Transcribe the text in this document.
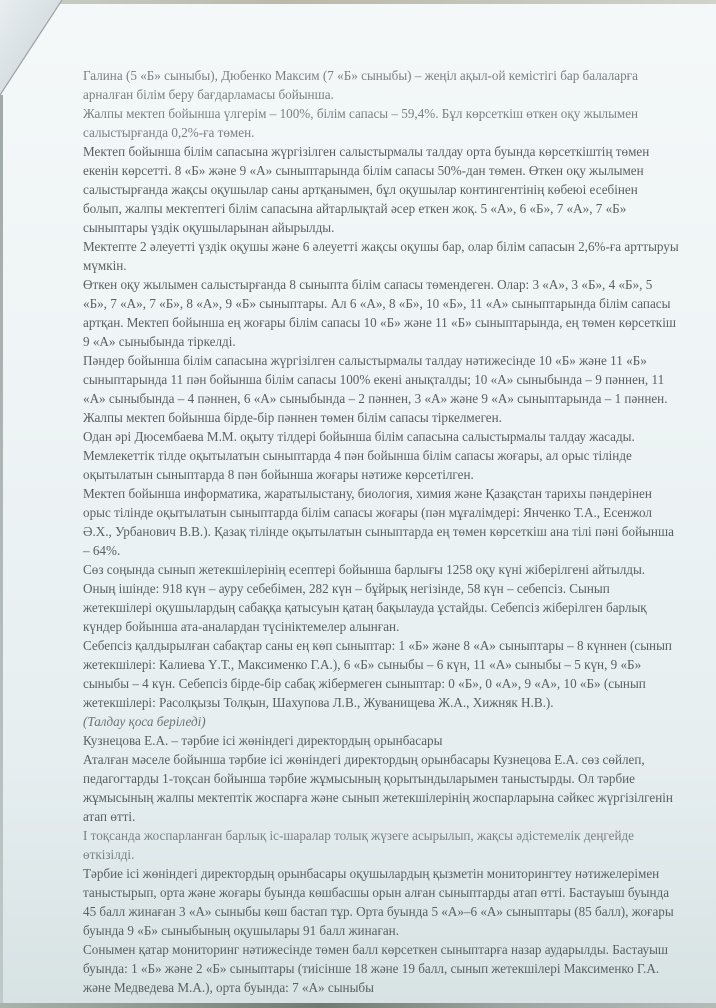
Галина (5 «Б» сыныбы), Дюбенко Максим (7 «Б» сыныбы) – жеңіл ақыл-ой кемістігі бар балаларға арналған білім беру бағдарламасы бойынша.

Жалпы мектеп бойынша үлгерім – 100%, білім сапасы – 59,4%. Бұл көрсеткіш өткен оқу жылымен салыстырғанда 0,2%-ға төмен.

Мектеп бойынша білім сапасына жүргізілген салыстырмалы талдау орта буында көрсеткіштің төмен екенін көрсетті. 8 «Б» және 9 «А» сыныптарында білім сапасы 50%-дан төмен. Өткен оқу жылымен салыстырғанда жақсы оқушылар саны артқанымен, бұл оқушылар контингентінің көбеюі есебінен болып, жалпы мектептегі білім сапасына айтарлықтай әсер еткен жоқ. 5 «А», 6 «Б», 7 «А», 7 «Б» сыныптары үздік оқушыларынан айырылды.

Мектепте 2 әлеуетті үздік оқушы және 6 әлеуетті жақсы оқушы бар, олар білім сапасын 2,6%-ға арттыруы мүмкін.

Өткен оқу жылымен салыстырғанда 8 сыныпта білім сапасы төмендеген. Олар: 3 «А», 3 «Б», 4 «Б», 5 «Б», 7 «А», 7 «Б», 8 «А», 9 «Б» сыныптары. Ал 6 «А», 8 «Б», 10 «Б», 11 «А» сыныптарында білім сапасы артқан. Мектеп бойынша ең жоғары білім сапасы 10 «Б» және 11 «Б» сыныптарында, ең төмен көрсеткіш 9 «А» сыныбында тіркелді.

Пәндер бойынша білім сапасына жүргізілген салыстырмалы талдау нәтижесінде 10 «Б» және 11 «Б» сыныптарында 11 пән бойынша білім сапасы 100% екені анықталды; 10 «А» сыныбында – 9 пәннен, 11 «А» сыныбында – 4 пәннен, 6 «А» сыныбында – 2 пәннен, 3 «А» және 9 «А» сыныптарында – 1 пәннен. Жалпы мектеп бойынша бірде-бір пәннен төмен білім сапасы тіркелмеген.

Одан әрі Дюсембаева М.М. оқыту тілдері бойынша білім сапасына салыстырмалы талдау жасады. Мемлекеттік тілде оқытылатын сыныптарда 4 пән бойынша білім сапасы жоғары, ал орыс тілінде оқытылатын сыныптарда 8 пән бойынша жоғары нәтиже көрсетілген.

Мектеп бойынша информатика, жаратылыстану, биология, химия және Қазақстан тарихы пәндерінен орыс тілінде оқытылатын сыныптарда білім сапасы жоғары (пән мұғалімдері: Янченко Т.А., Есенжол Ә.Х., Урбанович В.В.). Қазақ тілінде оқытылатын сыныптарда ең төмен көрсеткіш ана тілі пәні бойынша – 64%.

Сөз соңында сынып жетекшілерінің есептері бойынша барлығы 1258 оқу күні жіберілгені айтылды. Оның ішінде: 918 күн – ауру себебімен, 282 күн – бұйрық негізінде, 58 күн – себепсіз. Сынып жетекшілері оқушылардың сабаққа қатысуын қатаң бақылауда ұстайды. Себепсіз жіберілген барлық күндер бойынша ата-аналардан түсініктемелер алынған.

Себепсіз қалдырылған сабақтар саны ең көп сыныптар: 1 «Б» және 8 «А» сыныптары – 8 күннен (сынып жетекшілері: Калиева Ү.Т., Максименко Г.А.), 6 «Б» сыныбы – 6 күн, 11 «А» сыныбы – 5 күн, 9 «Б» сыныбы – 4 күн. Себепсіз бірде-бір сабақ жібермеген сыныптар: 0 «Б», 0 «А», 9 «А», 10 «Б» (сынып жетекшілері: Расолқызы Толқын, Шахупова Л.В., Жуванищева Ж.А., Хижняк Н.В.).

(Талдау қоса беріледі)

Кузнецова Е.А. – тәрбие ісі жөніндегі директордың орынбасары

Аталған мәселе бойынша тәрбие ісі жөніндегі директордың орынбасары Кузнецова Е.А. сөз сөйлеп, педагогтарды 1-тоқсан бойынша тәрбие жұмысының қорытындыларымен таныстырды. Ол тәрбие жұмысының жалпы мектептік жоспарға және сынып жетекшілерінің жоспарларына сәйкес жүргізілгенін атап өтті.

І тоқсанда жоспарланған барлық іс-шаралар толық жүзеге асырылып, жақсы әдістемелік деңгейде өткізілді.

Тәрбие ісі жөніндегі директордың орынбасары оқушылардың қызметін мониторингтеу нәтижелерімен таныстырып, орта және жоғары буында көшбасшы орын алған сыныптарды атап өтті. Бастауыш буында 45 балл жинаған 3 «А» сыныбы көш бастап тұр. Орта буында 5 «А»–6 «А» сыныптары (85 балл), жоғары буында 9 «Б» сыныбының оқушылары 91 балл жинаған.

Сонымен қатар мониторинг нәтижесінде төмен балл көрсеткен сыныптарға назар аударылды. Бастауыш буында: 1 «Б» және 2 «Б» сыныптары (тиісінше 18 және 19 балл, сынып жетекшілері Максименко Г.А. және Медведева М.А.), орта буында: 7 «А» сыныбы
